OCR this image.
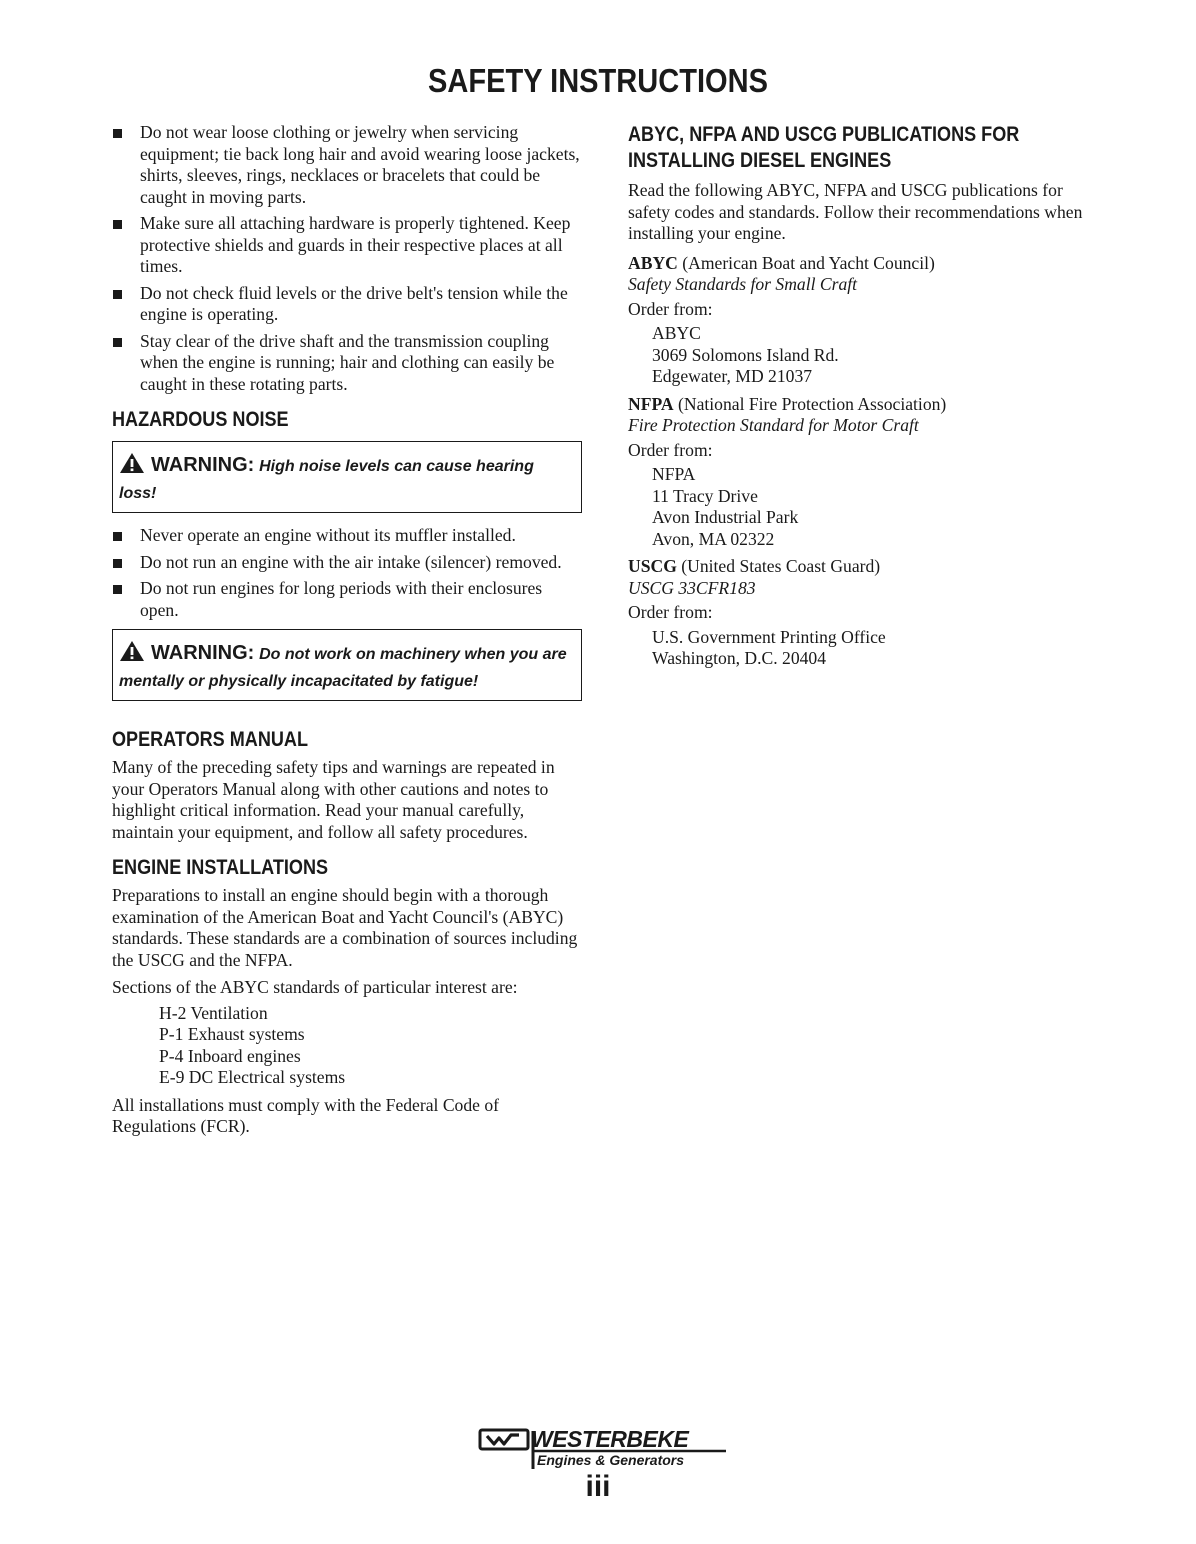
SAFETY INSTRUCTIONS
Do not wear loose clothing or jewelry when servicing equipment; tie back long hair and avoid wearing loose jackets, shirts, sleeves, rings, necklaces or bracelets that could be caught in moving parts.
Make sure all attaching hardware is properly tightened. Keep protective shields and guards in their respective places at all times.
Do not check fluid levels or the drive belt's tension while the engine is operating.
Stay clear of the drive shaft and the transmission coupling when the engine is running; hair and clothing can easily be caught in these rotating parts.
HAZARDOUS NOISE
WARNING: High noise levels can cause hearing loss!
Never operate an engine without its muffler installed.
Do not run an engine with the air intake (silencer) removed.
Do not run engines for long periods with their enclosures open.
WARNING: Do not work on machinery when you are mentally or physically incapacitated by fatigue!
OPERATORS MANUAL

Many of the preceding safety tips and warnings are repeated in your Operators Manual along with other cautions and notes to highlight critical information. Read your manual carefully, maintain your equipment, and follow all safety procedures.

ENGINE INSTALLATIONS

Preparations to install an engine should begin with a thorough examination of the American Boat and Yacht Council's (ABYC) standards. These standards are a combination of sources including the USCG and the NFPA.

Sections of the ABYC standards of particular interest are:

H-2 Ventilation

P-1 Exhaust systems

P-4 Inboard engines

E-9 DC Electrical systems

All installations must comply with the Federal Code of Regulations (FCR).

ABYC, NFPA AND USCG PUBLICATIONS FOR
INSTALLING DIESEL ENGINES

Read the following ABYC, NFPA and USCG publications for safety codes and standards. Follow their recommendations when installing your engine.

ABYC (American Boat and Yacht Council)

Safety Standards for Small Craft

Order from:

ABYC

3069 Solomons Island Rd.

Edgewater, MD 21037

NFPA (National Fire Protection Association)

Fire Protection Standard for Motor Craft

Order from:

NFPA

11 Tracy Drive

Avon Industrial Park

Avon, MA 02322

USCG (United States Coast Guard)

USCG 33CFR183

Order from:

U.S. Government Printing Office

Washington, D.C. 20404

WESTERBEKE
Engines & Generators
iii
